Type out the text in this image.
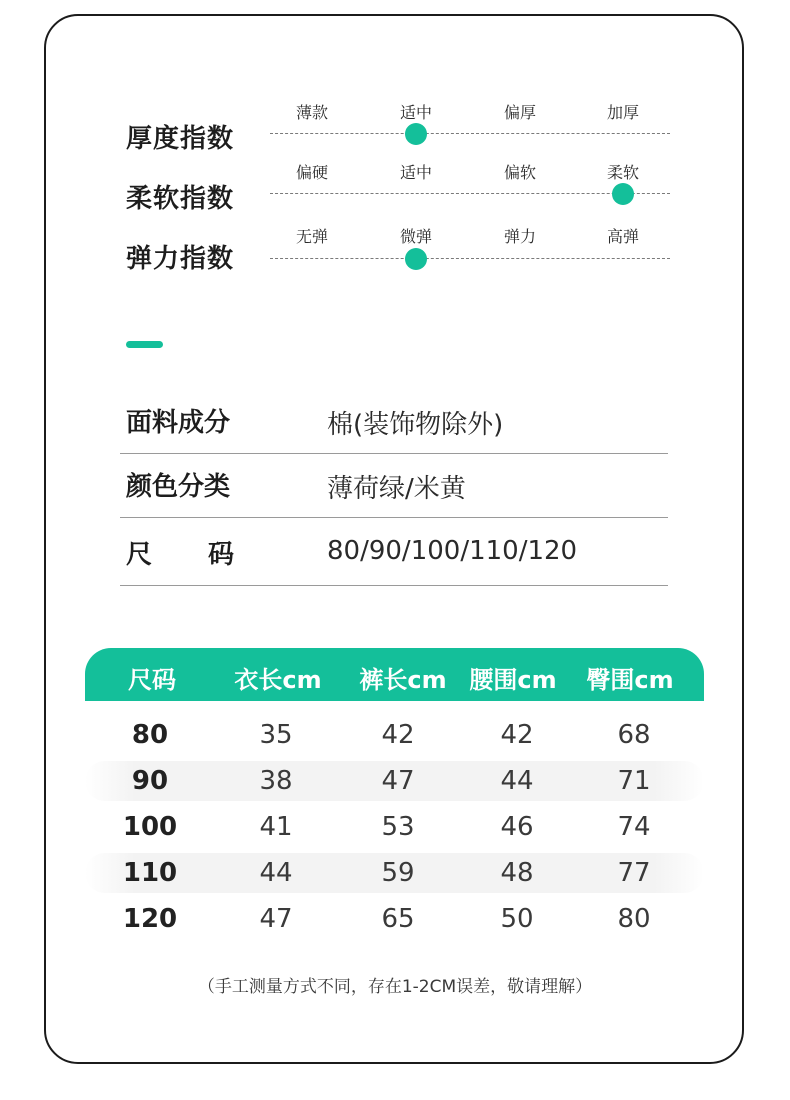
厚度指数
薄款	适中	偏厚	加厚
柔软指数
偏硬	适中	偏软	柔软
弹力指数
无弹	微弹	弹力	高弹
面料成分	棉(装饰物除外)
颜色分类	薄荷绿/米黄
尺码 80/90/100/110/120
尺码	衣长cm	裤长cm 腰围cm	臀围cm
80	35	42	42	68
90	38	47	44	71
100	41	53	46	74
110	44	59	48	77
120	47	65	50	80
（手工测量方式不同，存在1-2CM误差，敬请理解）
